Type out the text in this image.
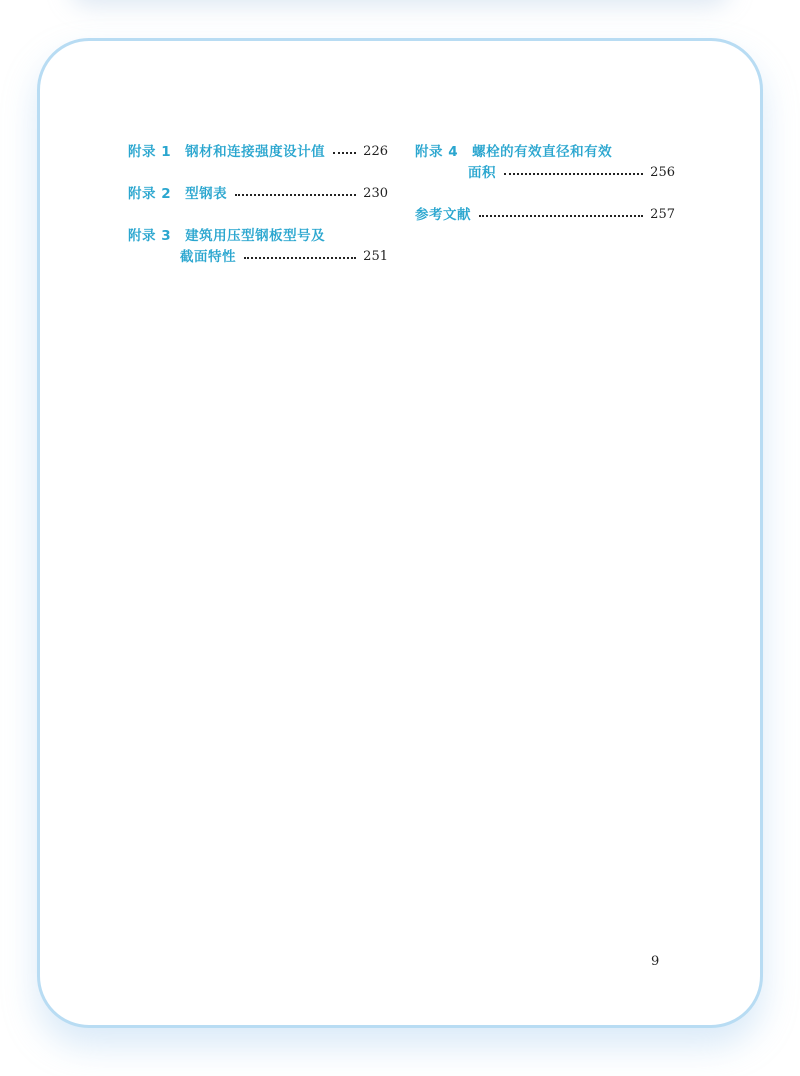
附录 1 钢材和连接强度设计值	226
附录 2 型钢表	230
附录 3 建筑用压型钢板型号及
截面特性	251
附录 4 螺栓的有效直径和有效
面积	256
参考文献	257
9
